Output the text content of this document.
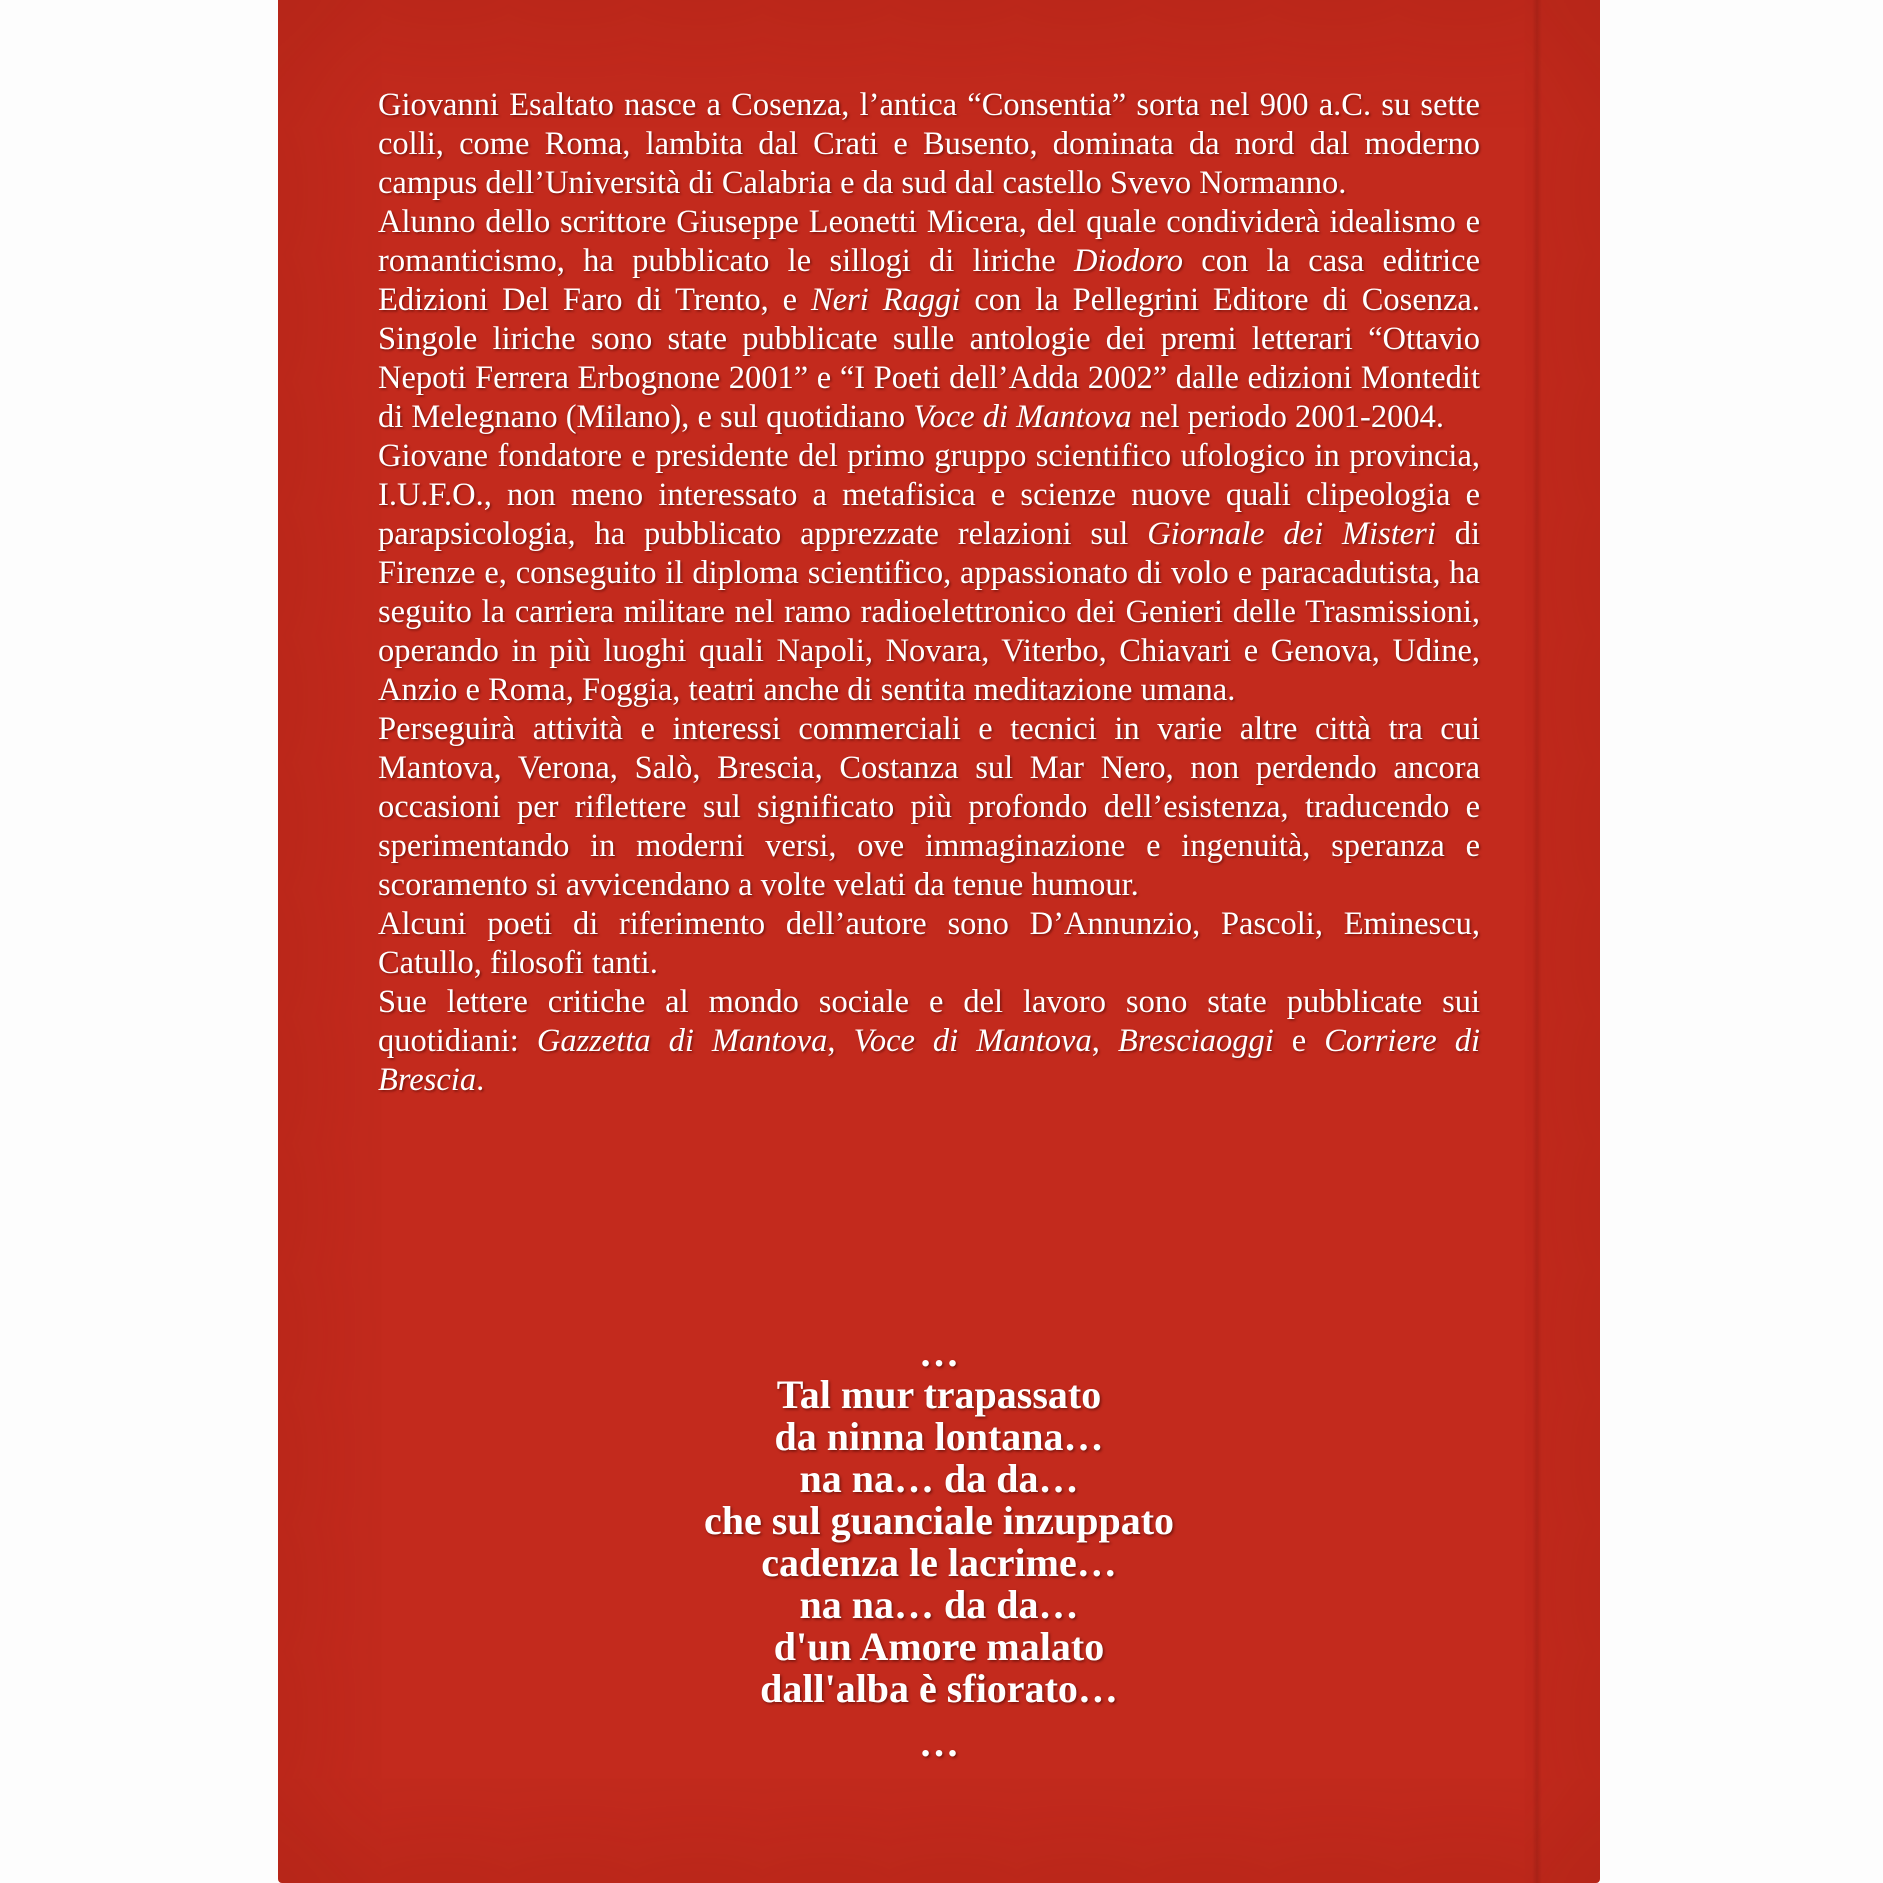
Giovanni Esaltato nasce a Cosenza, l’antica “Consentia” sorta nel 900 a.C. su sette colli, come Roma, lambita dal Crati e Busento, dominata da nord dal moderno campus dell’Università di Calabria e da sud dal castello Svevo Normanno.

Alunno dello scrittore Giuseppe Leonetti Micera, del quale condividerà idealismo e romanticismo, ha pubblicato le sillogi di liriche Diodoro con la casa editrice Edizioni Del Faro di Trento, e Neri Raggi con la Pellegrini Editore di Cosenza. Singole liriche sono state pubblicate sulle antologie dei premi letterari “Ottavio Nepoti Ferrera Erbognone 2001” e “I Poeti dell’Adda 2002” dalle edizioni Montedit di Melegnano (Milano), e sul quotidiano Voce di Mantova nel periodo 2001-2004.

Giovane fondatore e presidente del primo gruppo scientifico ufologico in provincia, I.U.F.O., non meno interessato a metafisica e scienze nuove quali clipeologia e parapsicologia, ha pubblicato apprezzate relazioni sul Giornale dei Misteri di Firenze e, conseguito il diploma scientifico, appassionato di volo e paracadutista, ha seguito la carriera militare nel ramo radioelettronico dei Genieri delle Trasmissioni, operando in più luoghi quali Napoli, Novara, Viterbo, Chiavari e Genova, Udine, Anzio e Roma, Foggia, teatri anche di sentita meditazione umana.

Perseguirà attività e interessi commerciali e tecnici in varie altre città tra cui Mantova, Verona, Salò, Brescia, Costanza sul Mar Nero, non perdendo ancora occasioni per riflettere sul significato più profondo dell’esistenza, traducendo e sperimentando in moderni versi, ove immaginazione e ingenuità, speranza e scoramento si avvicendano a volte velati da tenue humour.

Alcuni poeti di riferimento dell’autore sono D’Annunzio, Pascoli, Eminescu, Catullo, filosofi tanti.

Sue lettere critiche al mondo sociale e del lavoro sono state pubblicate sui quotidiani: Gazzetta di Mantova, Voce di Mantova, Bresciaoggi e Corriere di Brescia.

…
Tal mur trapassato
da ninna lontana…
na na… da da…
che sul guanciale inzuppato
cadenza le lacrime…
na na… da da…
d'un Amore malato
dall'alba è sfiorato…
…
